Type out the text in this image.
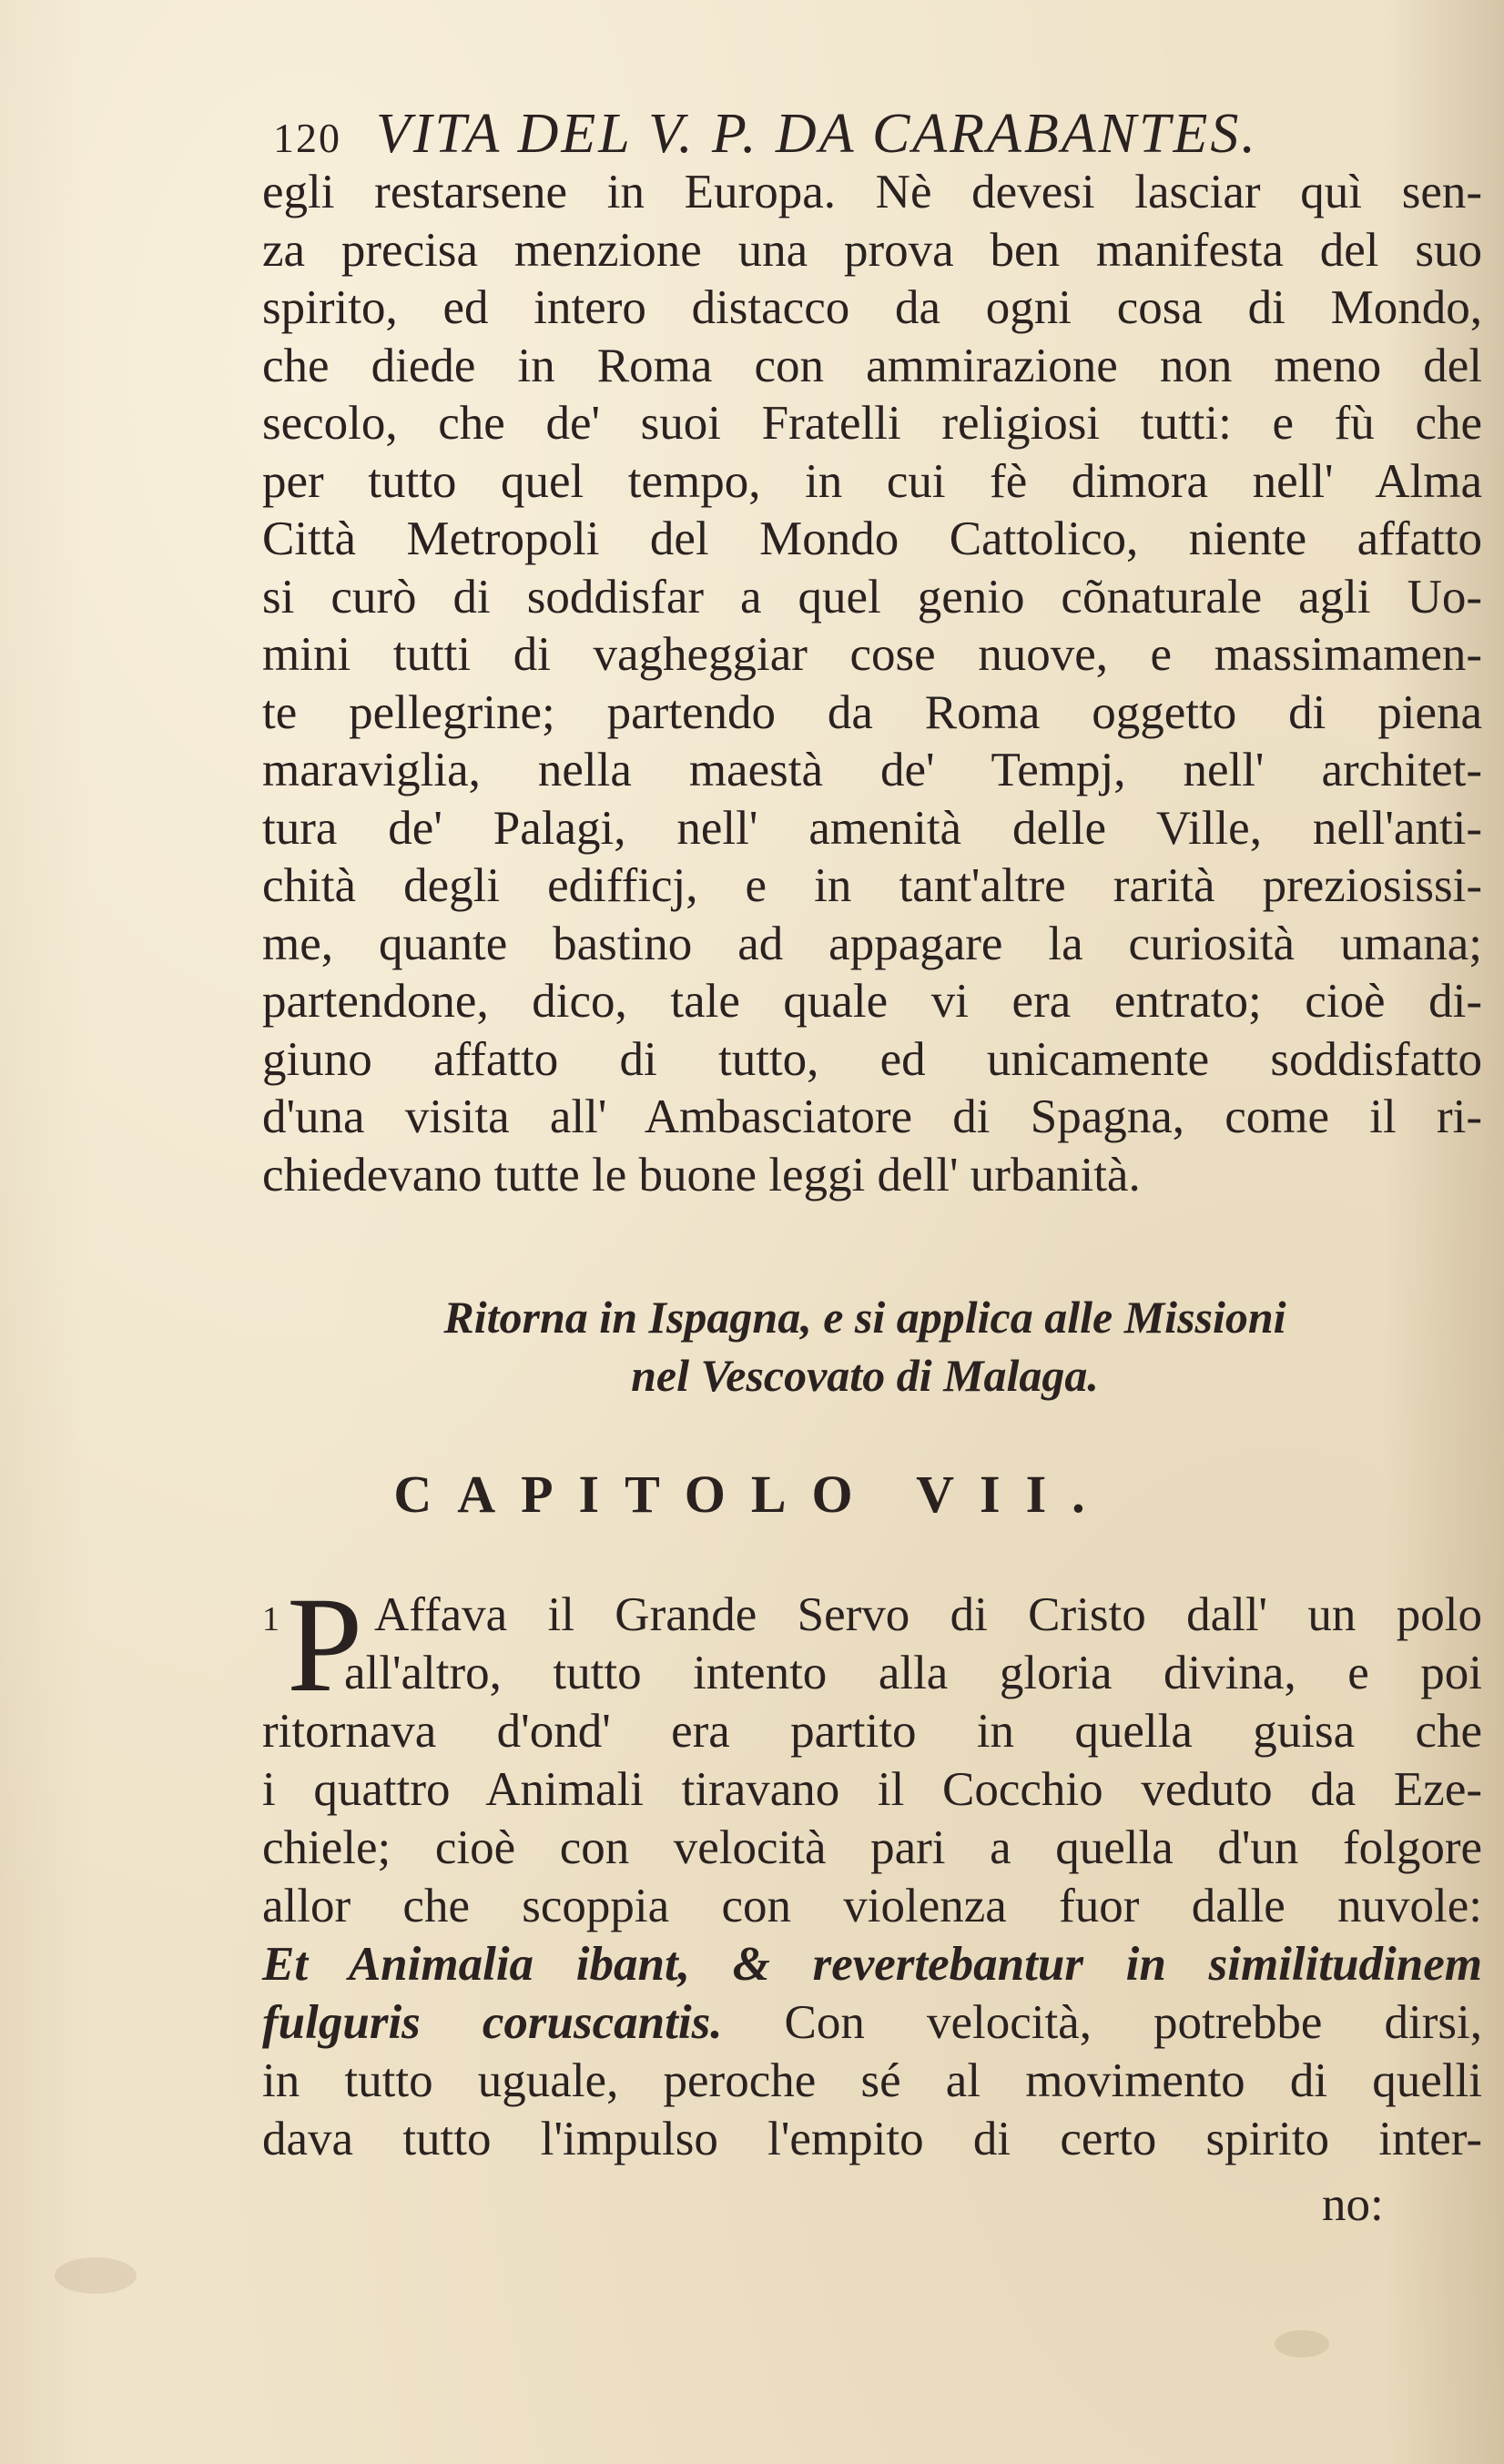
120 VITA DEL V. P. DA CARABANTES.
egli restarsene in Europa. Nè devesi lasciar quì sen-
za precisa menzione una prova ben manifesta del suo
spirito, ed intero distacco da ogni cosa di Mondo,
che diede in Roma con ammirazione non meno del
secolo, che de' suoi Fratelli religiosi tutti: e fù che
per tutto quel tempo, in cui fè dimora nell' Alma
Città Metropoli del Mondo Cattolico, niente affatto
si curò di soddisfar a quel genio cõnaturale agli Uo-
mini tutti di vagheggiar cose nuove, e massimamen-
te pellegrine; partendo da Roma oggetto di piena
maraviglia, nella maestà de' Tempj, nell' architet-
tura de' Palagi, nell' amenità delle Ville, nell'anti-
chità degli edifficj, e in tant'altre rarità preziosissi-
me, quante bastino ad appagare la curiosità umana;
partendone, dico, tale quale vi era entrato; cioè di-
giuno affatto di tutto, ed unicamente soddisfatto
d'una visita all' Ambasciatore di Spagna, come il ri-
chiedevano tutte le buone leggi dell' urbanità.
Ritorna in Ispagna, e si applica alle Missioni
nel Vescovato di Malaga.
CAPITOLO VII.
P
1 Affava il Grande Servo di Cristo dall' un polo
all'altro, tutto intento alla gloria divina, e poi
ritornava d'ond' era partito in quella guisa che
i quattro Animali tiravano il Cocchio veduto da Eze-
chiele; cioè con velocità pari a quella d'un folgore
allor che scoppia con violenza fuor dalle nuvole:
Et Animalia ibant, & revertebantur in similitudinem
fulguris coruscantis. Con velocità, potrebbe dirsi,
in tutto uguale, peroche sé al movimento di quelli
dava tutto l'impulso l'empito di certo spirito inter-
no:
